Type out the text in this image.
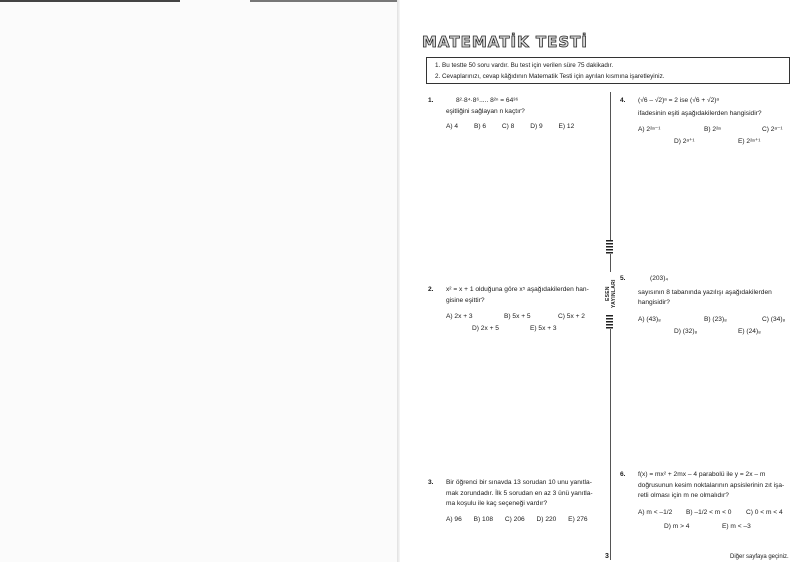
MATEMATİK TESTİ
1. Bu testte 50 soru vardır. Bu test için verilen süre 75 dakikadır.
2. Cevaplarınızı, cevap kâğıdının Matematik Testi için ayrılan kısmına işaretleyiniz.
1.	8²·8⁴·8⁶..... 8²ⁿ = 64³⁶
eşitliğini sağlayan n kaçtır?
A) 4 B) 6 C) 8 D) 9 E) 12
2. x² = x + 1 olduğuna göre x⁵ aşağıdakilerden han-
gisine eşittir?
A) 2x + 3	B) 5x + 5	C) 5x + 2
D) 2x + 5	E) 5x + 3
3. Bir öğrenci bir sınavda 13 sorudan 10 unu yanıtla-
mak zorundadır. İlk 5 sorudan en az 3 ünü yanıtla-
ma koşulu ile kaç seçeneği vardır?
A) 96 B) 108 C) 206 D) 220 E) 276
ESEN YAYINLARI
4. (√6 – √2)ᵃ = 2 ise (√6 + √2)ᵃ
ifadesinin eşiti aşağıdakilerden hangisidir?
A) 2²ᵃ⁻¹	B) 2²ᵃ	C) 2ᵃ⁻¹
D) 2ᵃ⁺¹	E) 2²ᵃ⁺¹
5.	(203)₄
sayısının 8 tabanında yazılışı aşağıdakilerden
hangisidir?
A) (43)₈	B) (23)₈	C) (34)₈
D) (32)₈	E) (24)₈
6. f(x) = mx² + 2mx – 4 parabolü ile y = 2x – m
doğrusunun kesim noktalarının apsislerinin zıt işa-
retli olması için m ne olmalıdır?
A) m < –1/2 B) –1/2 < m < 0 C) 0 < m < 4
D) m > 4	E) m < –3
3	Diğer sayfaya geçiniz.
